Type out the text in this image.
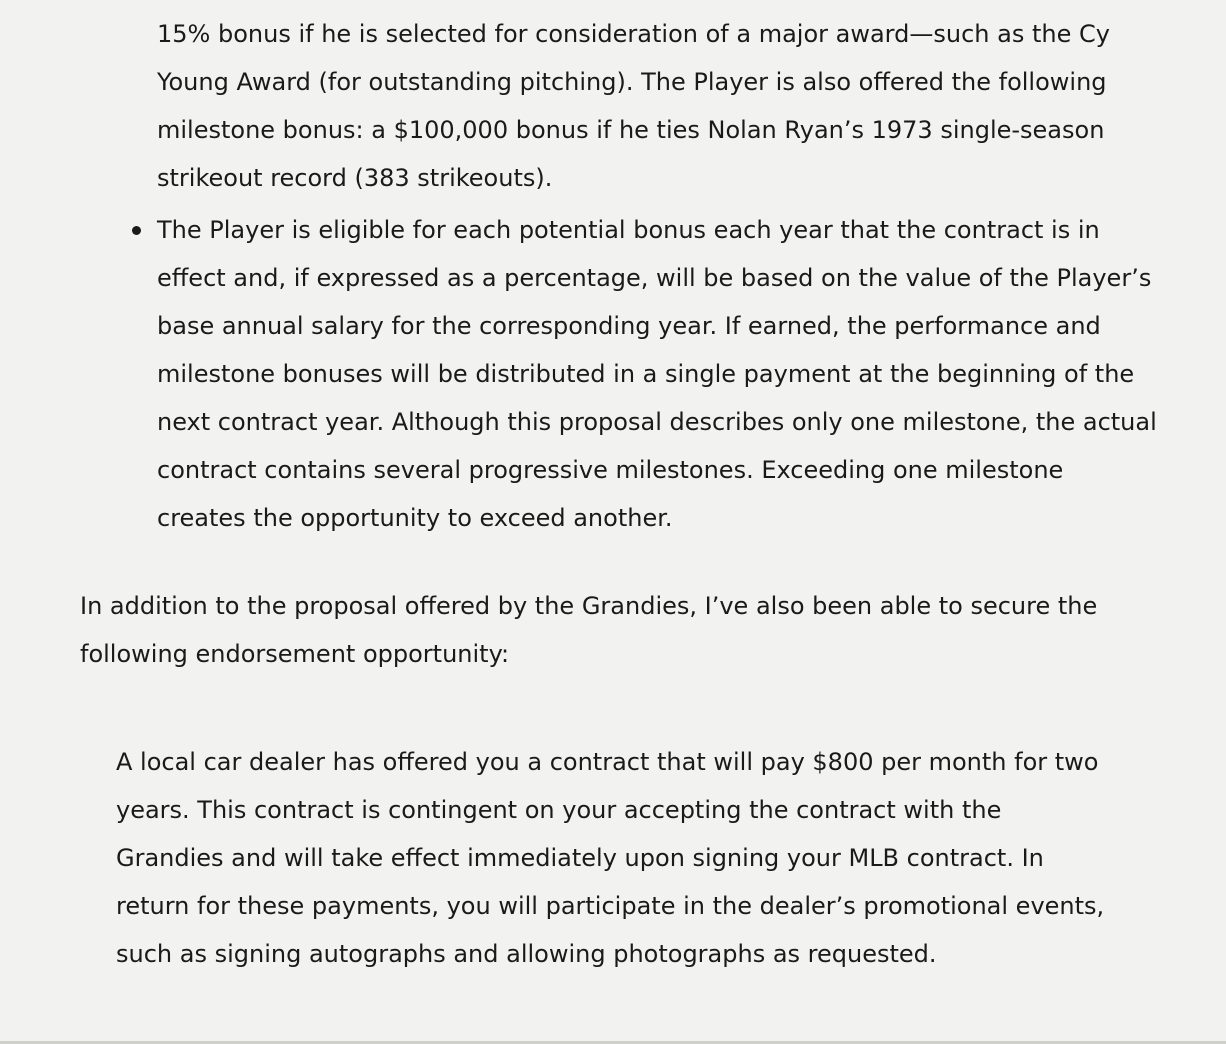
15% bonus if he is selected for consideration of a major award—such as the Cy Young Award (for outstanding pitching). The Player is also offered the following milestone bonus: a $100,000 bonus if he ties Nolan Ryan’s 1973 single-season strikeout record (383 strikeouts).

The Player is eligible for each potential bonus each year that the contract is in effect and, if expressed as a percentage, will be based on the value of the Player’s base annual salary for the corresponding year. If earned, the performance and milestone bonuses will be distributed in a single payment at the beginning of the next contract year. Although this proposal describes only one milestone, the actual contract contains several progressive milestones. Exceeding one milestone creates the opportunity to exceed another.

In addition to the proposal offered by the Grandies, I’ve also been able to secure the following endorsement opportunity:

A local car dealer has offered you a contract that will pay $800 per month for two years. This contract is contingent on your accepting the contract with the Grandies and will take effect immediately upon signing your MLB contract. In return for these payments, you will participate in the dealer’s promotional events, such as signing autographs and allowing photographs as requested.
